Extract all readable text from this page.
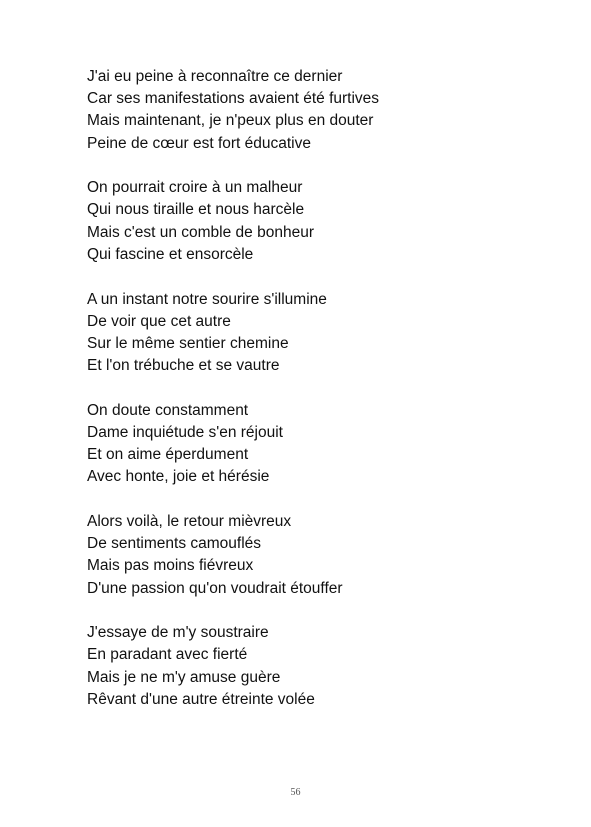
J'ai eu peine à reconnaître ce dernier
Car ses manifestations avaient été furtives
Mais maintenant, je n'peux plus en douter
Peine de cœur est fort éducative
On pourrait croire à un malheur
Qui nous tiraille et nous harcèle
Mais c'est un comble de bonheur
Qui fascine et ensorcèle
A un instant notre sourire s'illumine
De voir que cet autre
Sur le même sentier chemine
Et l'on trébuche et se vautre
On doute constamment
Dame inquiétude s'en réjouit
Et on aime éperdument
Avec honte, joie et hérésie
Alors voilà, le retour mièvreux
De sentiments camouflés
Mais pas moins fiévreux
D'une passion qu'on voudrait étouffer
J'essaye de m'y soustraire
En paradant avec fierté
Mais je ne m'y amuse guère
Rêvant d'une autre étreinte volée
56
